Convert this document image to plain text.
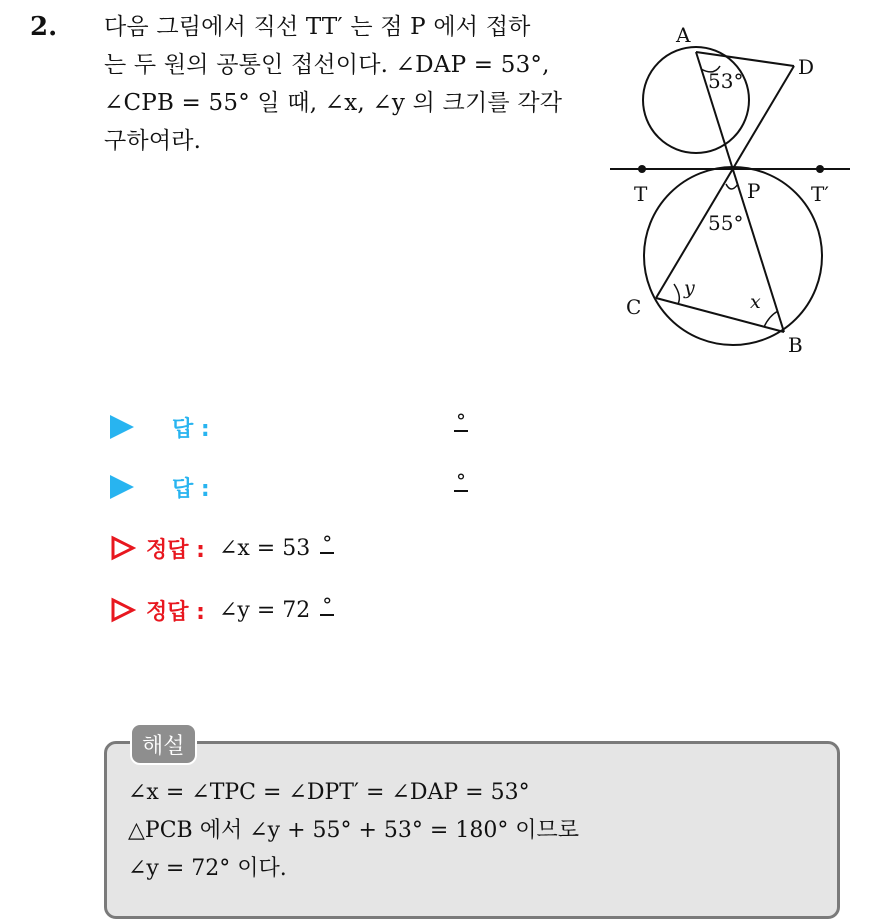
2. 다음 그림에서 직선 TT′ 는 점 P 에서 접하
는 두 원의 공통인 접선이다. ∠DAP = 53°,
∠CPB = 55° 일 때, ∠x, ∠y 의 크기를 각각
구하여라.
A
D
53°
T	P	T′
55°
C
y
x
B
답 :	°
답 :	°
정답 : ∠x = 53 °
정답 : ∠y = 72 °
해설
∠x = ∠TPC = ∠DPT′ = ∠DAP = 53°
△PCB 에서 ∠y + 55° + 53° = 180° 이므로
∠y = 72° 이다.
